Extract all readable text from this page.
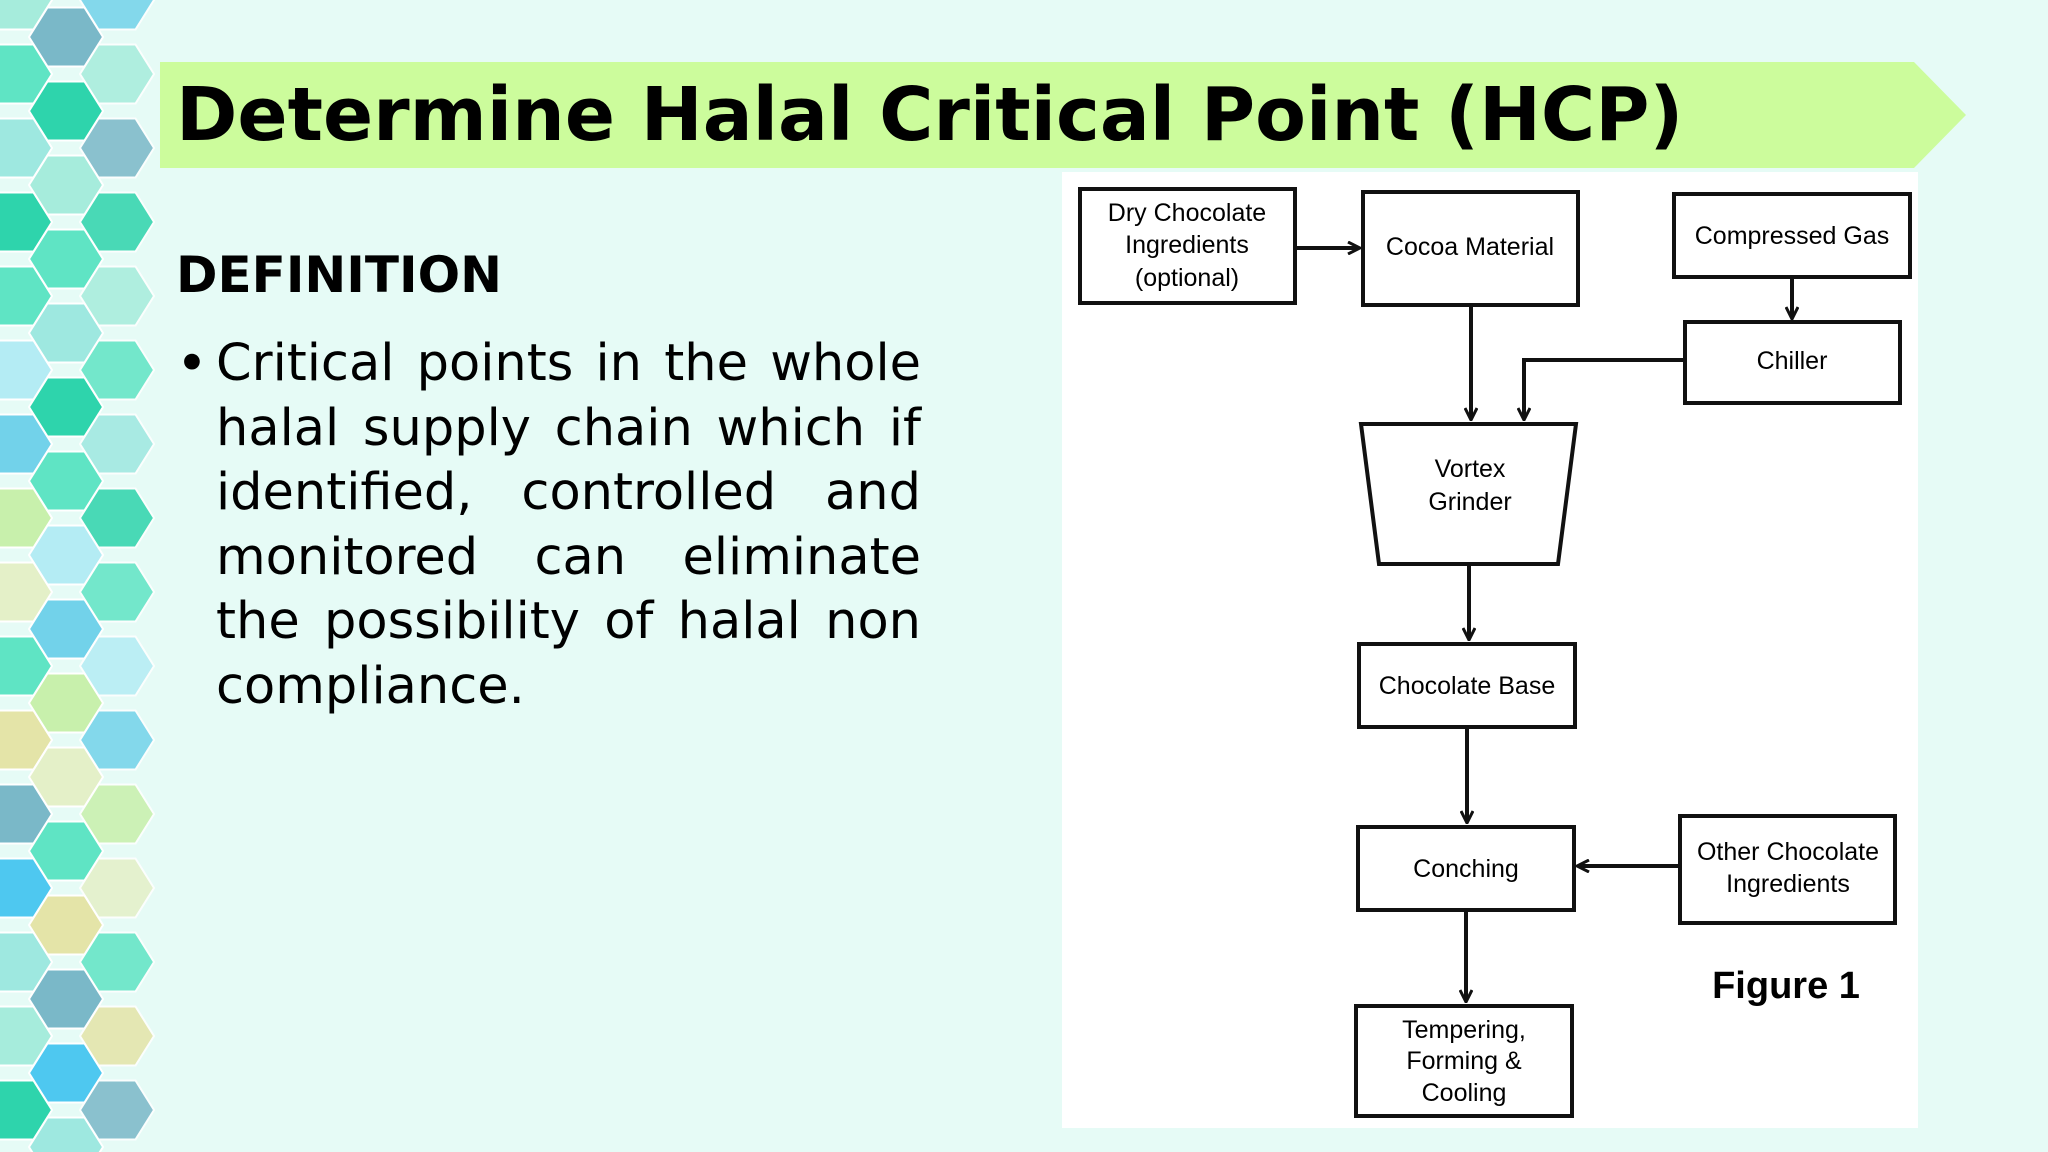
Determine Halal Critical Point (HCP)
DEFINITION
• Critical points in the whole halal supply chain which if identified, controlled and monitored can eliminate the possibility of halal non compliance.
Dry Chocolate
Ingredients
(optional)
Cocoa Material	Compressed Gas
Chiller
Vortex
Grinder
Chocolate Base
Conching
Other Chocolate
Ingredients
Tempering,
Forming &
Cooling
Figure 1
